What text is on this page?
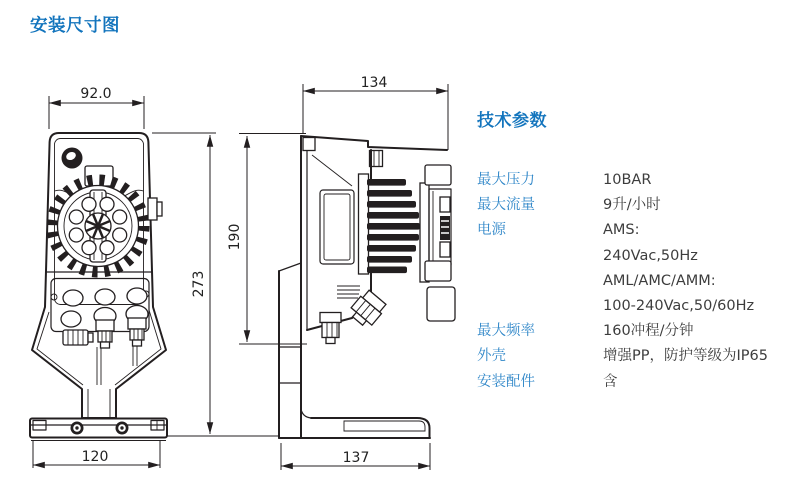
安装尺寸图
92.0
273
120
134
190
137
技术参数
最大压力	10BAR
最大流量	9升/小时
电源	AMS:
240Vac,50Hz
AML/AMC/AMM:
100-240Vac,50/60Hz
最大频率	160冲程/分钟
外壳	增强PP，防护等级为IP65
安装配件	含
